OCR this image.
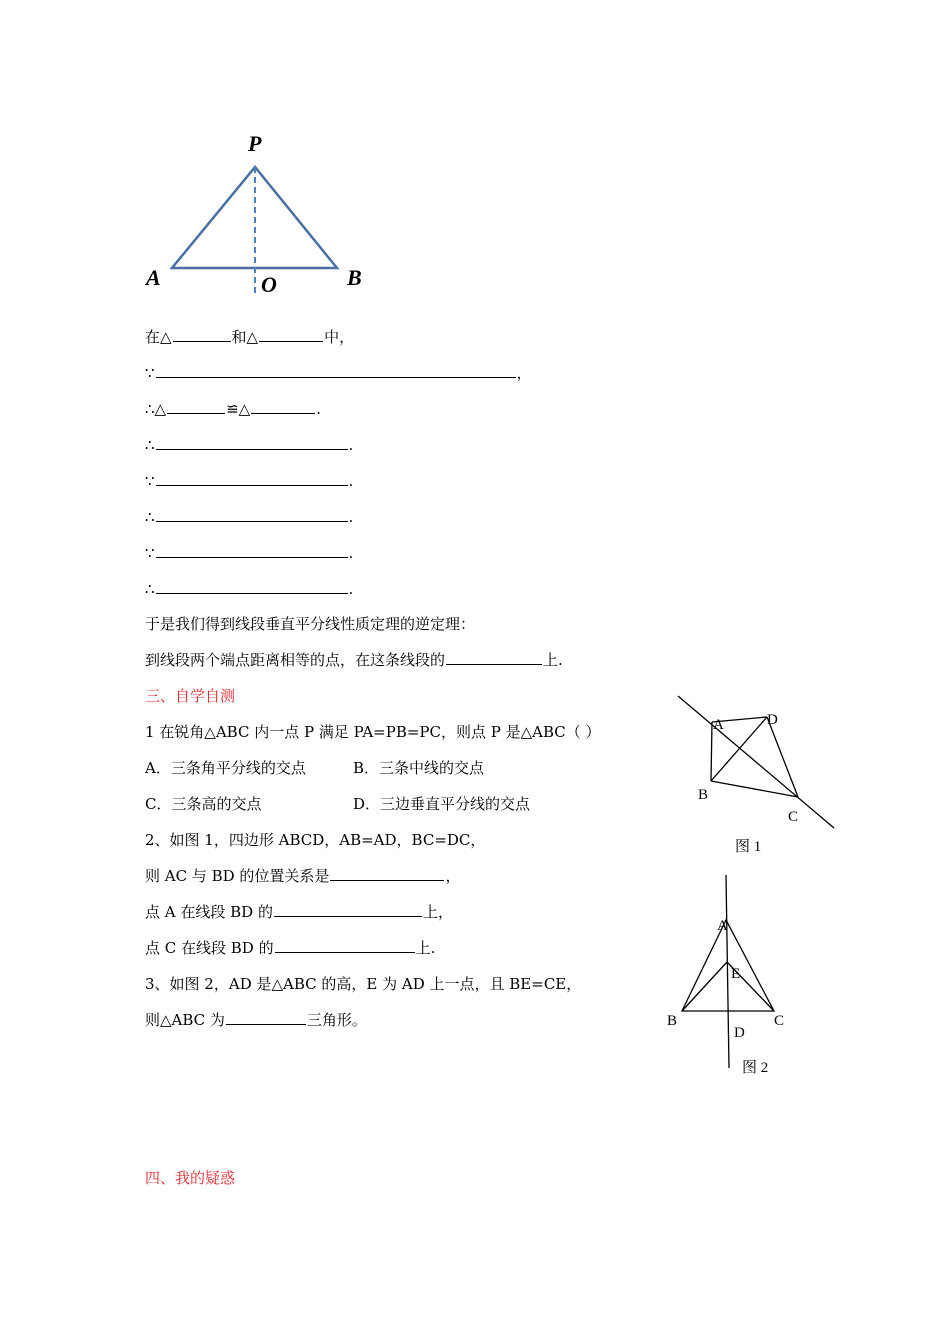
P
A	B
O
在△	和△	中，
∵	，
∴△	≌△	.
∴	.
∵	.
∴	.
∵	.
∴	.
于是我们得到线段垂直平分线性质定理的逆定理：
到线段两个端点距离相等的点，在这条线段的	上.
三、自学自测
1 在锐角△ABC 内一点 P 满足 PA=PB=PC，则点 P 是△ABC（ ）
A．三条角平分线的交点	B．三条中线的交点
C．三条高的交点	D．三边垂直平分线的交点
2、如图 1，四边形 ABCD，AB=AD，BC=DC，
则 AC 与 BD 的位置关系是	，
点 A 在线段 BD 的	上，
点 C 在线段 BD 的	上.
3、如图 2，AD 是△ABC 的高，E 为 AD 上一点，且 BE=CE，
则△ABC 为	三角形。
A	D
B
C
图 1
A
E
B	C
D
图 2
四、我的疑惑
